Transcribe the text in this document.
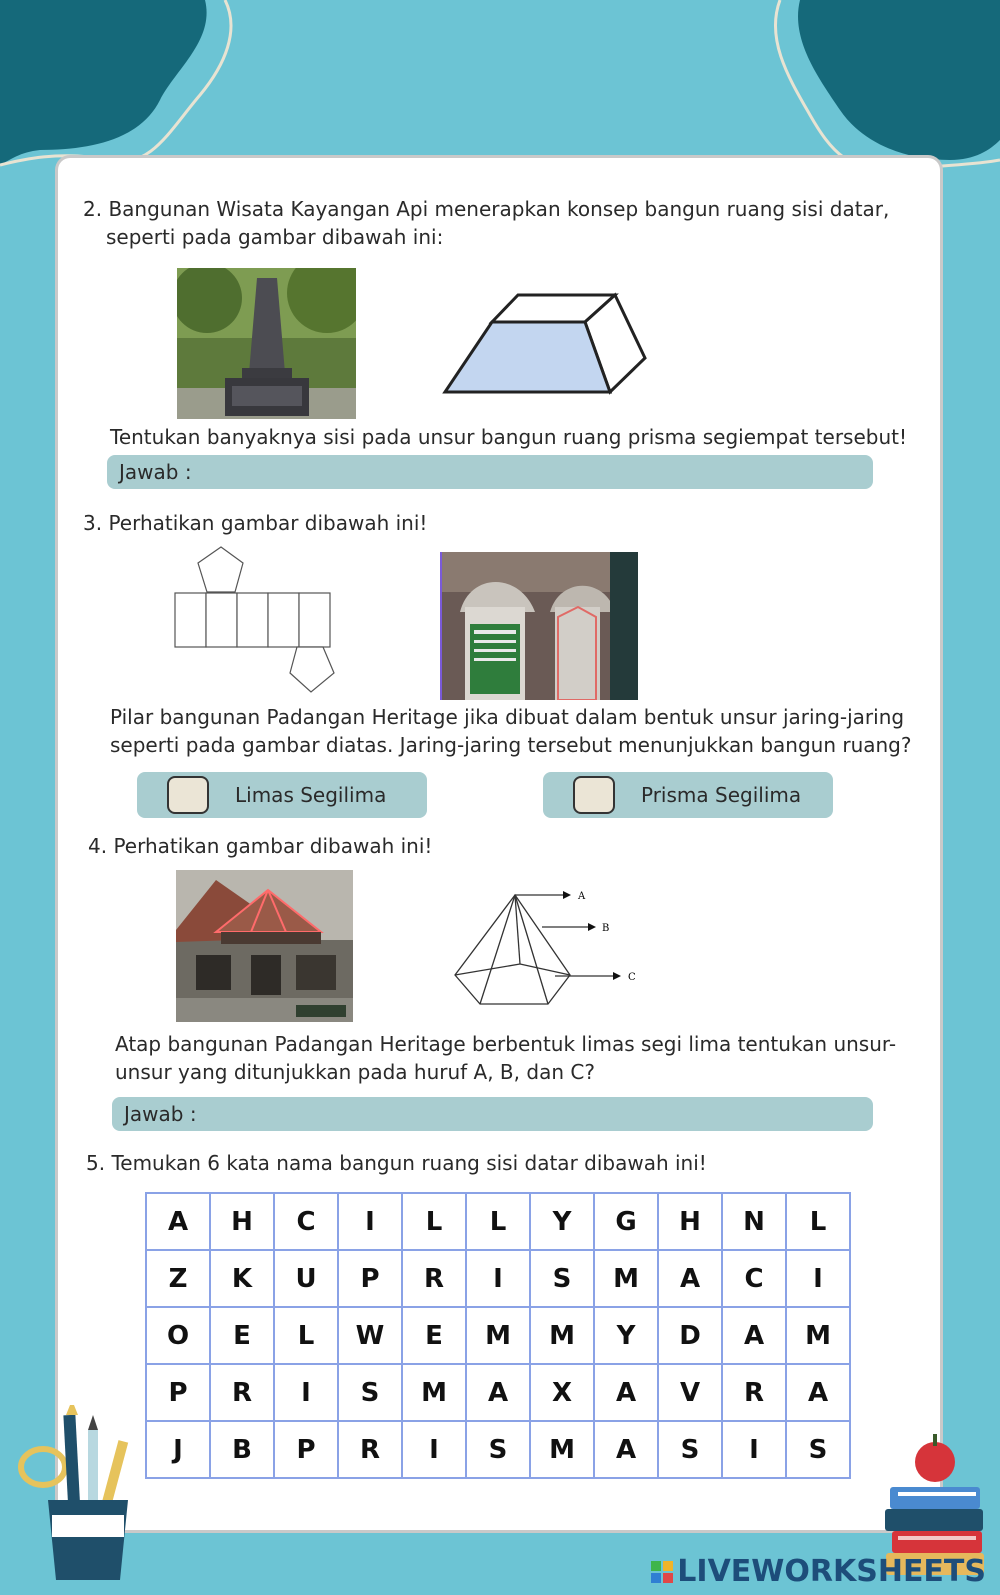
2. Bangunan Wisata Kayangan Api menerapkan konsep bangun ruang sisi datar,
seperti pada gambar dibawah ini:
Tentukan banyaknya sisi pada unsur bangun ruang prisma segiempat tersebut!
Jawab :
3. Perhatikan gambar dibawah ini!
Pilar bangunan Padangan Heritage jika dibuat dalam bentuk unsur jaring-jaring
seperti pada gambar diatas. Jaring-jaring tersebut menunjukkan bangun ruang?
Limas Segilima	Prisma Segilima
4. Perhatikan gambar dibawah ini!
A
B
C
Atap bangunan Padangan Heritage berbentuk limas segi lima tentukan unsur-
unsur yang ditunjukkan pada huruf A, B, dan C?
Jawab :
5. Temukan 6 kata nama bangun ruang sisi datar dibawah ini!
A	H	C	I	L	L	Y	G	H	N	L
Z	K	U	P	R	I	S	M	A	C	I
O	E	L	W	E	M	M	Y	D	A	M
P	R	I	S	M	A	X	A	V	R	A
J	B	P	R	I	S	M	A	S	I	S
LIVEWORKSHEETS
